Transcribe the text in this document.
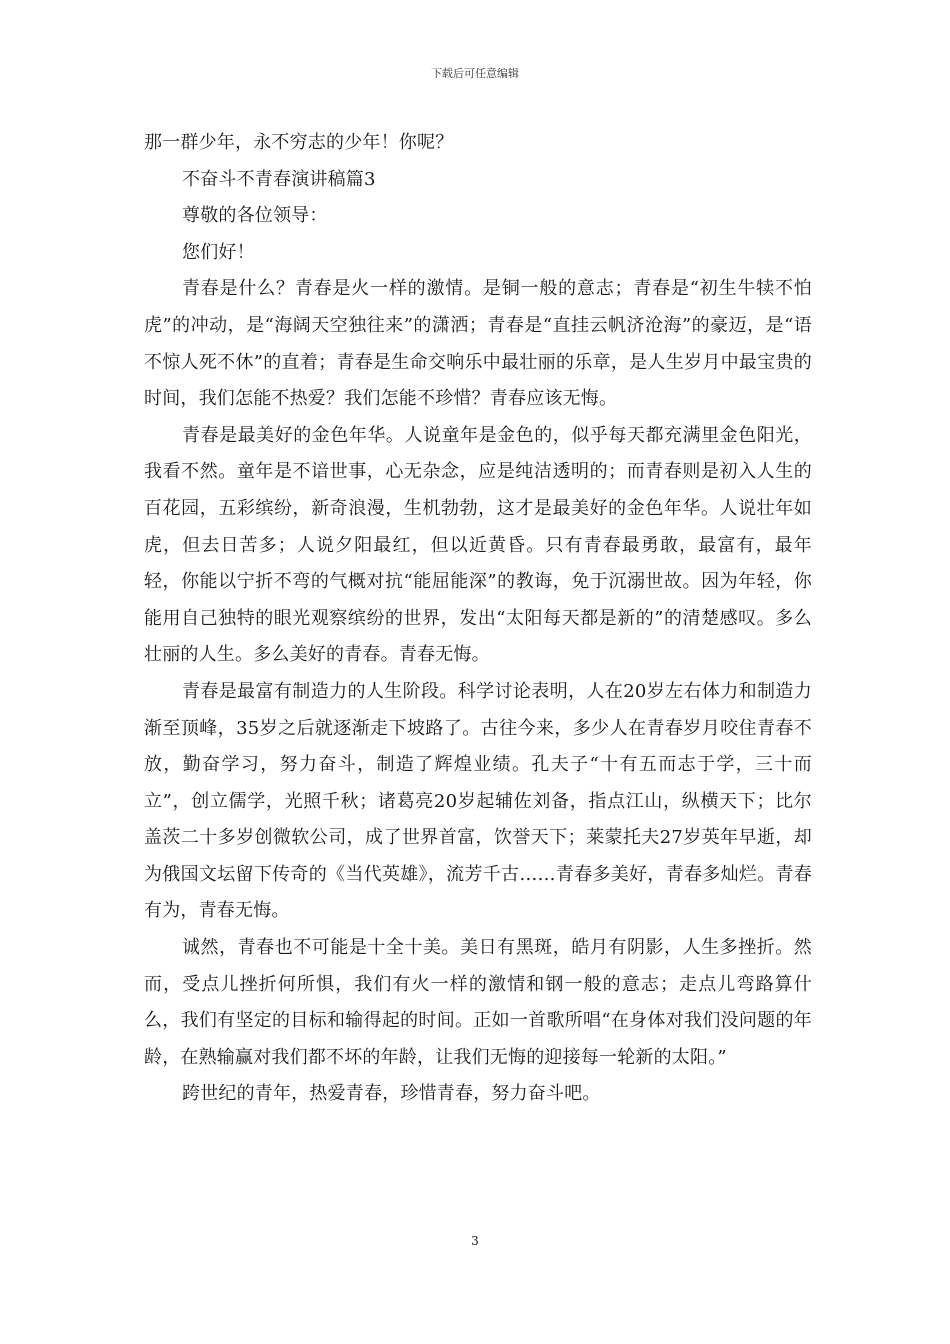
下载后可任意编辑

那一群少年，永不穷志的少年！你呢？

不奋斗不青春演讲稿篇3

尊敬的各位领导：

您们好！

青春是什么？青春是火一样的激情。是铜一般的意志；青春是“初生牛犊不怕虎”的冲动，是“海阔天空独往来”的潇洒；青春是“直挂云帆济沧海”的豪迈，是“语不惊人死不休”的直着；青春是生命交响乐中最壮丽的乐章，是人生岁月中最宝贵的时间，我们怎能不热爱？我们怎能不珍惜？青春应该无悔。

青春是最美好的金色年华。人说童年是金色的，似乎每天都充满里金色阳光，我看不然。童年是不谙世事，心无杂念，应是纯洁透明的；而青春则是初入人生的百花园，五彩缤纷，新奇浪漫，生机勃勃，这才是最美好的金色年华。人说壮年如虎，但去日苦多；人说夕阳最红，但以近黄昏。只有青春最勇敢，最富有，最年轻，你能以宁折不弯的气概对抗“能屈能深”的教诲，免于沉溺世故。因为年轻，你能用自己独特的眼光观察缤纷的世界，发出“太阳每天都是新的”的清楚感叹。多么壮丽的人生。多么美好的青春。青春无悔。

青春是最富有制造力的人生阶段。科学讨论表明，人在20岁左右体力和制造力渐至顶峰，35岁之后就逐渐走下坡路了。古往今来，多少人在青春岁月咬住青春不放，勤奋学习，努力奋斗，制造了辉煌业绩。孔夫子“十有五而志于学，三十而立”，创立儒学，光照千秋；诸葛亮20岁起辅佐刘备，指点江山，纵横天下；比尔盖茨二十多岁创微软公司，成了世界首富，饮誉天下；莱蒙托夫27岁英年早逝，却为俄国文坛留下传奇的《当代英雄》，流芳千古……青春多美好，青春多灿烂。青春有为，青春无悔。

诚然，青春也不可能是十全十美。美日有黑斑，皓月有阴影，人生多挫折。然而，受点儿挫折何所惧，我们有火一样的激情和钢一般的意志；走点儿弯路算什么，我们有坚定的目标和输得起的时间。正如一首歌所唱“在身体对我们没问题的年龄，在熟输赢对我们都不坏的年龄，让我们无悔的迎接每一轮新的太阳。”

跨世纪的青年，热爱青春，珍惜青春，努力奋斗吧。

3
